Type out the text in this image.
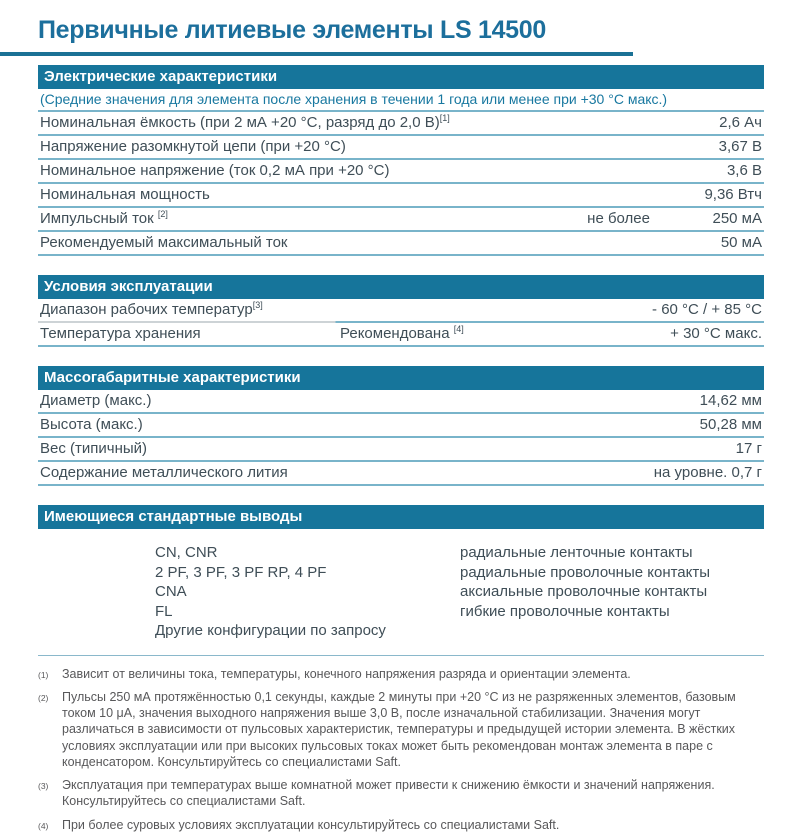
Первичные литиевые элементы LS 14500
Электрические характеристики
(Средние значения для элемента после хранения в течении 1 года или менее при +30 °C макс.)
Номинальная ёмкость (при 2 мА +20 °C, разряд до 2,0 В)[1]	2,6 Ач
Напряжение разомкнутой цепи (при +20 °C)	3,67 В
Номинальное напряжение (ток 0,2 мА при +20 °C)	3,6 В
Номинальная мощность	9,36 Втч
Импульсный ток [2]	не более	250 мА
Рекомендуемый максимальный ток	50 мА
Условия эксплуатации
Диапазон рабочих температур[3]	- 60 °C / + 85 °C
Температура хранения	Рекомендована [4]	+ 30 °C макс.
Массогабаритные характеристики
Диаметр (макс.)	14,62 мм
Высота (макс.)	50,28 мм
Вес (типичный)	17 г
Содержание металлического лития	на уровне. 0,7 г
Имеющиеся стандартные выводы
CN, CNR	радиальные ленточные контакты
2 PF, 3 PF, 3 PF RP, 4 PF	радиальные проволочные контакты
CNA	аксиальные проволочные контакты
FL	гибкие проволочные контакты
Другие конфигурации по запросу
(1)	Зависит от величины тока, температуры, конечного напряжения разряда и ориентации элемента.
(2)	Пульсы 250 мА протяжённостью 0,1 секунды, каждые 2 минуты при +20 °C из не разряженных элементов, базовым током 10 μА, значения выходного напряжения выше 3,0 В, после изначальной стабилизации. Значения могут различаться в зависимости от пульсовых характеристик, температуры и предыдущей истории элемента. В жёстких условиях эксплуатации или при высоких пульсовых токах может быть рекомендован монтаж элемента в паре с конденсатором. Консультируйтесь со специалистами Saft.
(3)	Эксплуатация при температурах выше комнатной может привести к снижению ёмкости и значений напряжения. Консультируйтесь со специалистами Saft.
(4)	При более суровых условиях эксплуатации консультируйтесь со специалистами Saft.
